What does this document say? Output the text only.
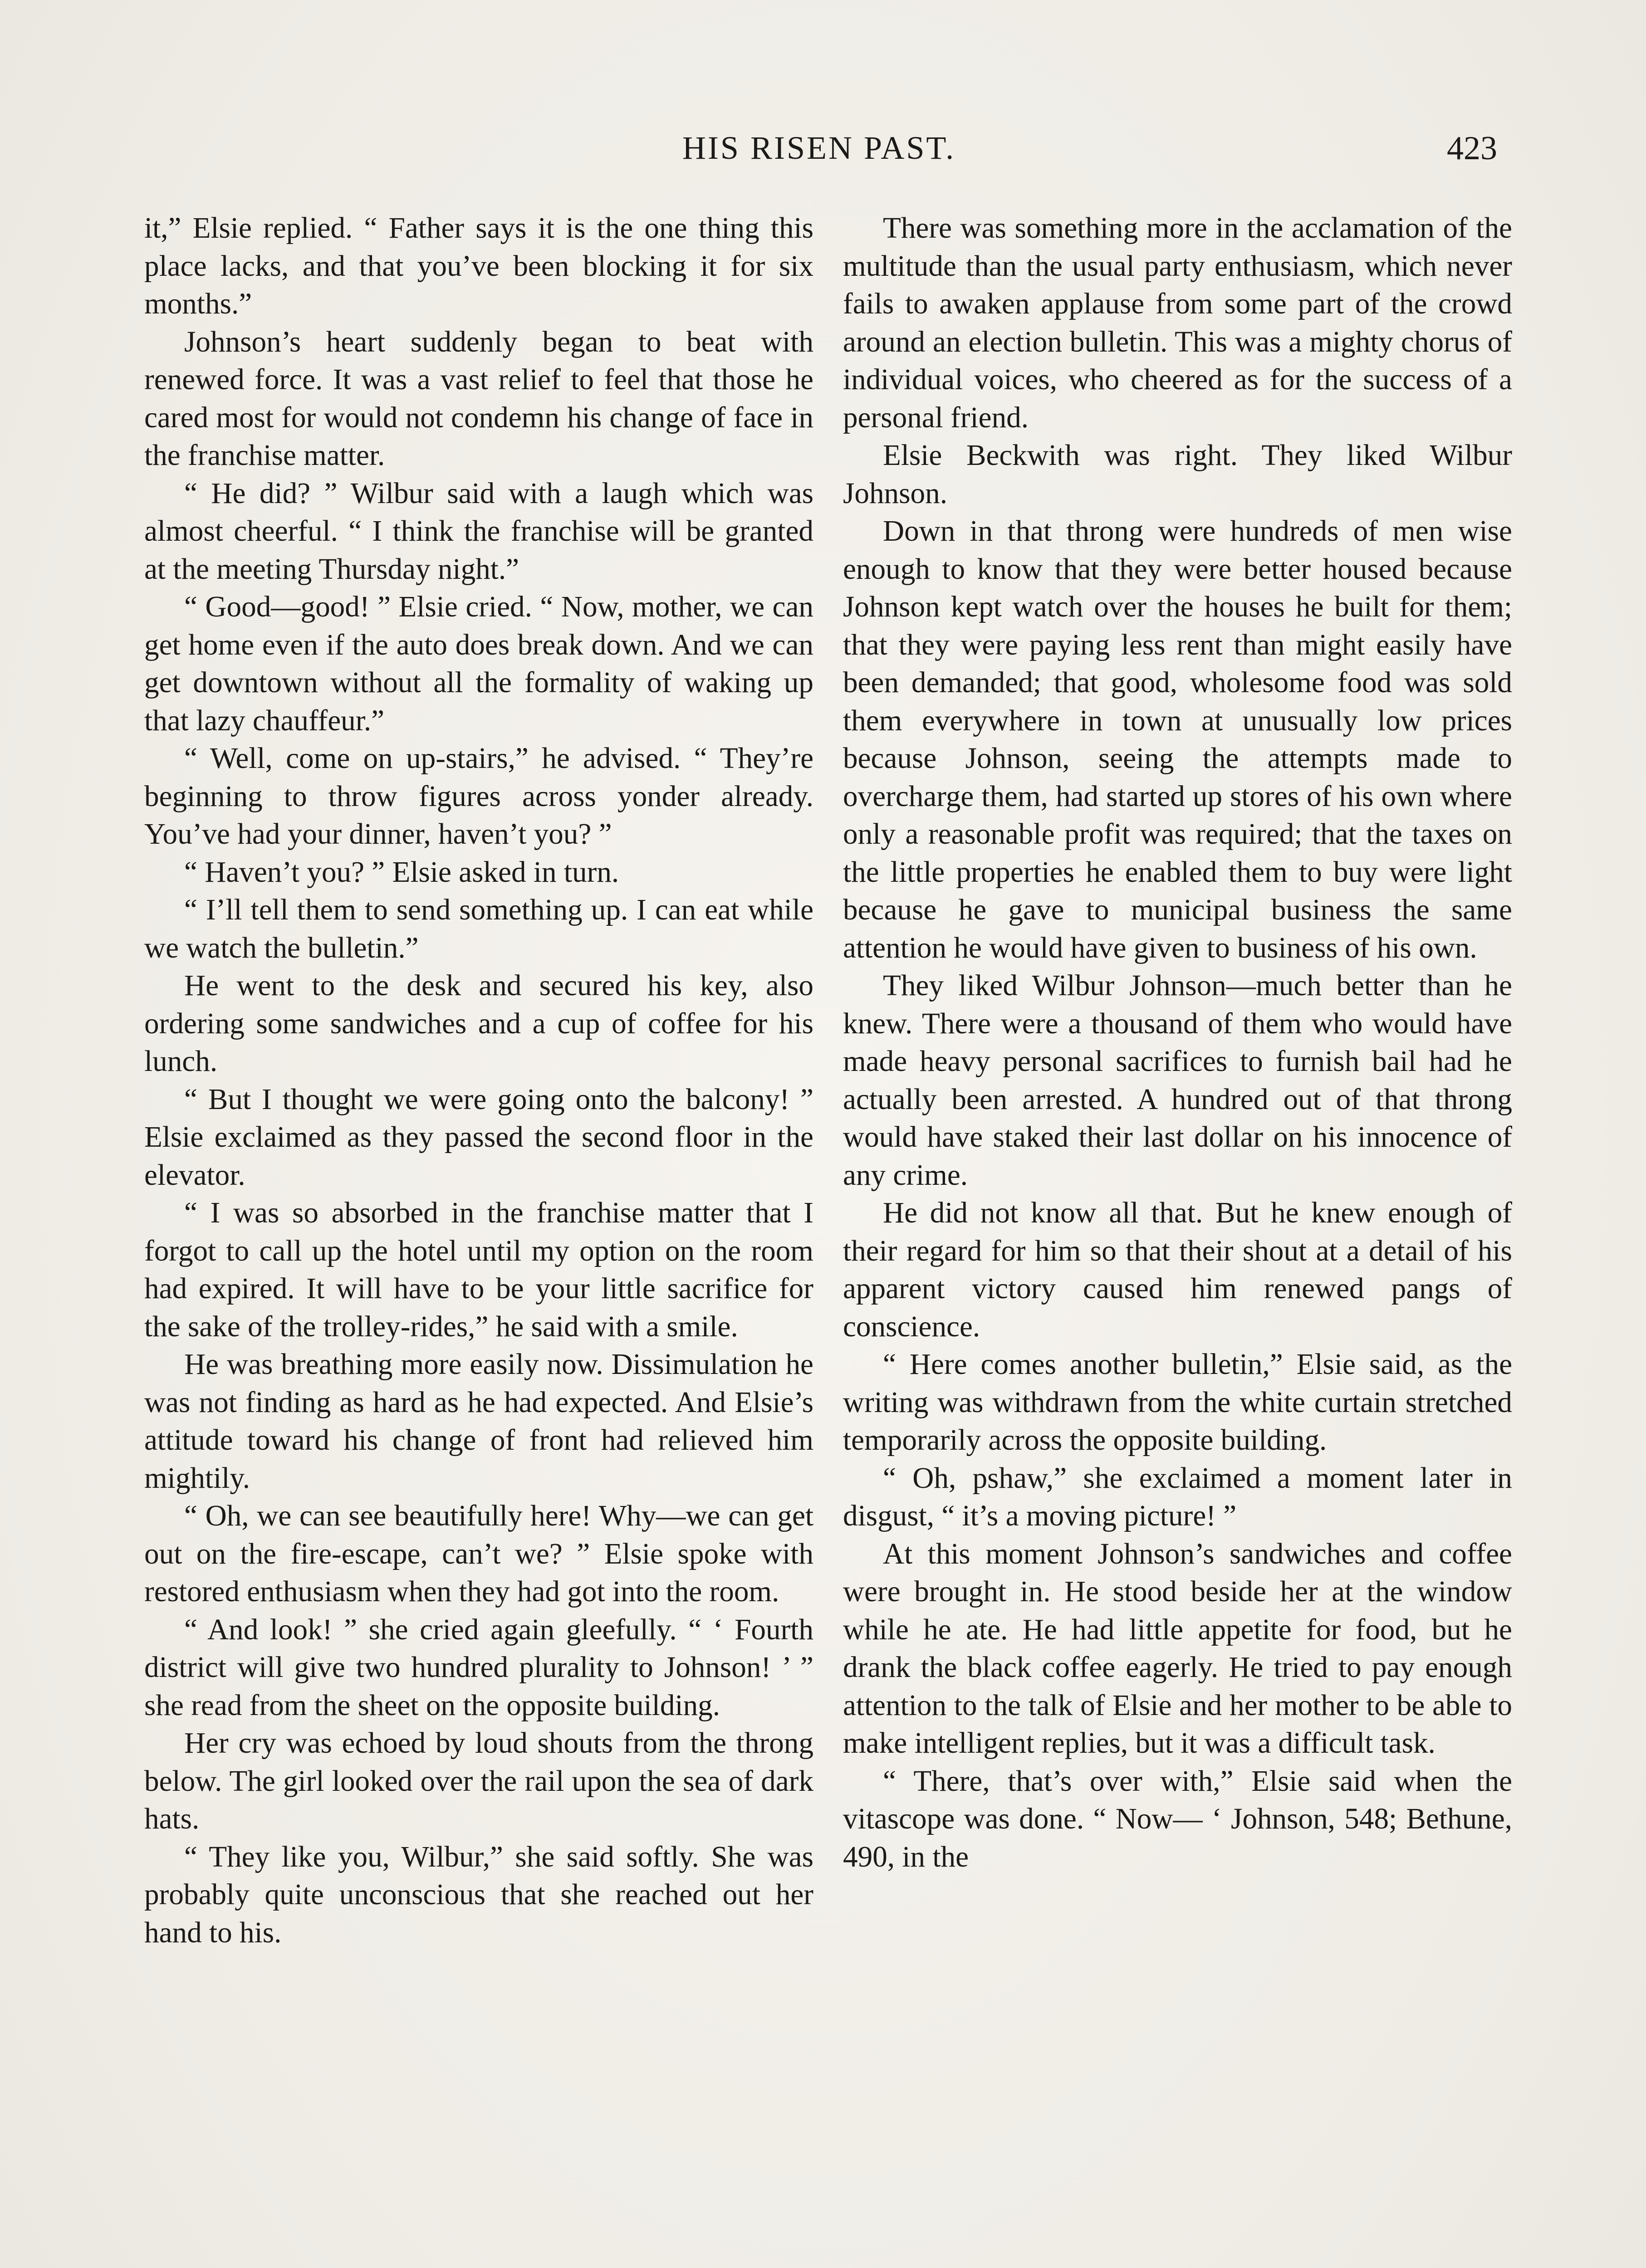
HIS RISEN PAST.	423

it,” Elsie replied. “ Father says it is the one thing this place lacks, and that you’ve been blocking it for six months.”

Johnson’s heart suddenly began to beat with renewed force. It was a vast relief to feel that those he cared most for would not condemn his change of face in the franchise matter.

“ He did? ” Wilbur said with a laugh which was almost cheerful. “ I think the franchise will be granted at the meeting Thursday night.”

“ Good—good! ” Elsie cried. “ Now, mother, we can get home even if the auto does break down. And we can get downtown without all the formality of waking up that lazy chauffeur.”

“ Well, come on up-stairs,” he advised. “ They’re beginning to throw figures across yonder already. You’ve had your dinner, haven’t you? ”

“ Haven’t you? ” Elsie asked in turn.

“ I’ll tell them to send something up. I can eat while we watch the bulletin.”

He went to the desk and secured his key, also ordering some sandwiches and a cup of coffee for his lunch.

“ But I thought we were going onto the balcony! ” Elsie exclaimed as they passed the second floor in the elevator.

“ I was so absorbed in the franchise matter that I forgot to call up the hotel until my option on the room had expired. It will have to be your little sacrifice for the sake of the trolley-rides,” he said with a smile.

He was breathing more easily now. Dissimulation he was not finding as hard as he had expected. And Elsie’s attitude toward his change of front had relieved him mightily.

“ Oh, we can see beautifully here! Why—we can get out on the fire-escape, can’t we? ” Elsie spoke with restored enthusiasm when they had got into the room.

“ And look! ” she cried again gleefully. “ ‘ Fourth district will give two hundred plurality to Johnson! ’ ” she read from the sheet on the opposite building.

Her cry was echoed by loud shouts from the throng below. The girl looked over the rail upon the sea of dark hats.

“ They like you, Wilbur,” she said softly. She was probably quite unconscious that she reached out her hand to his.

There was something more in the acclamation of the multitude than the usual party enthusiasm, which never fails to awaken applause from some part of the crowd around an election bulletin. This was a mighty chorus of individual voices, who cheered as for the success of a personal friend.

Elsie Beckwith was right. They liked Wilbur Johnson.

Down in that throng were hundreds of men wise enough to know that they were better housed because Johnson kept watch over the houses he built for them; that they were paying less rent than might easily have been demanded; that good, wholesome food was sold them everywhere in town at unusually low prices because Johnson, seeing the attempts made to overcharge them, had started up stores of his own where only a reasonable profit was required; that the taxes on the little properties he enabled them to buy were light because he gave to municipal business the same attention he would have given to business of his own.

They liked Wilbur Johnson—much better than he knew. There were a thousand of them who would have made heavy personal sacrifices to furnish bail had he actually been arrested. A hundred out of that throng would have staked their last dollar on his innocence of any crime.

He did not know all that. But he knew enough of their regard for him so that their shout at a detail of his apparent victory caused him renewed pangs of conscience.

“ Here comes another bulletin,” Elsie said, as the writing was withdrawn from the white curtain stretched temporarily across the opposite building.

“ Oh, pshaw,” she exclaimed a moment later in disgust, “ it’s a moving picture! ”

At this moment Johnson’s sandwiches and coffee were brought in. He stood beside her at the window while he ate. He had little appetite for food, but he drank the black coffee eagerly. He tried to pay enough attention to the talk of Elsie and her mother to be able to make intelligent replies, but it was a difficult task.

“ There, that’s over with,” Elsie said when the vitascope was done. “ Now— ‘ Johnson, 548; Bethune, 490, in the
